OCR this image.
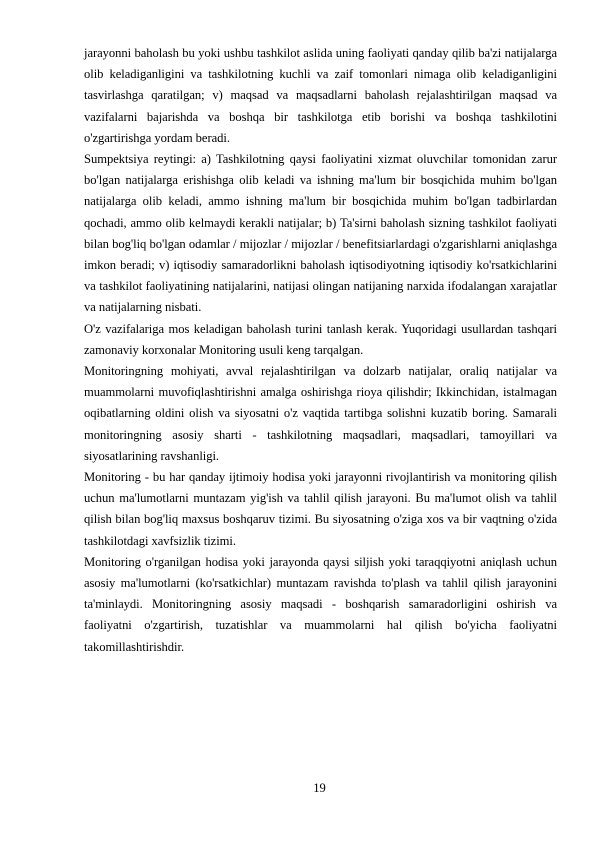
jarayonni baholash bu yoki ushbu tashkilot aslida uning faoliyati qanday qilib ba'zi natijalarga olib keladiganligini va tashkilotning kuchli va zaif tomonlari nimaga olib keladiganligini tasvirlashga qaratilgan; v) maqsad va maqsadlarni baholash rejalashtirilgan maqsad va vazifalarni bajarishda va boshqa bir tashkilotga etib borishi va boshqa tashkilotini o'zgartirishga yordam beradi.

Sumpektsiya reytingi: a) Tashkilotning qaysi faoliyatini xizmat oluvchilar tomonidan zarur bo'lgan natijalarga erishishga olib keladi va ishning ma'lum bir bosqichida muhim bo'lgan natijalarga olib keladi, ammo ishning ma'lum bir bosqichida muhim bo'lgan tadbirlardan qochadi, ammo olib kelmaydi kerakli natijalar; b) Ta'sirni baholash sizning tashkilot faoliyati bilan bog'liq bo'lgan odamlar / mijozlar / mijozlar / benefitsiarlardagi o'zgarishlarni aniqlashga imkon beradi; v) iqtisodiy samaradorlikni baholash iqtisodiyotning iqtisodiy ko'rsatkichlarini va tashkilot faoliyatining natijalarini, natijasi olingan natijaning narxida ifodalangan xarajatlar va natijalarning nisbati.

O'z vazifalariga mos keladigan baholash turini tanlash kerak. Yuqoridagi usullardan tashqari zamonaviy korxonalar Monitoring usuli keng tarqalgan.

Monitoringning mohiyati, avval rejalashtirilgan va dolzarb natijalar, oraliq natijalar va muammolarni muvofiqlashtirishni amalga oshirishga rioya qilishdir; Ikkinchidan, istalmagan oqibatlarning oldini olish va siyosatni o'z vaqtida tartibga solishni kuzatib boring. Samarali monitoringning asosiy sharti - tashkilotning maqsadlari, maqsadlari, tamoyillari va siyosatlarining ravshanligi.

Monitoring - bu har qanday ijtimoiy hodisa yoki jarayonni rivojlantirish va monitoring qilish uchun ma'lumotlarni muntazam yig'ish va tahlil qilish jarayoni. Bu ma'lumot olish va tahlil qilish bilan bog'liq maxsus boshqaruv tizimi. Bu siyosatning o'ziga xos va bir vaqtning o'zida tashkilotdagi xavfsizlik tizimi.

Monitoring o'rganilgan hodisa yoki jarayonda qaysi siljish yoki taraqqiyotni aniqlash uchun asosiy ma'lumotlarni (ko'rsatkichlar) muntazam ravishda to'plash va tahlil qilish jarayonini ta'minlaydi. Monitoringning asosiy maqsadi - boshqarish samaradorligini oshirish va faoliyatni o'zgartirish, tuzatishlar va muammolarni hal qilish bo'yicha faoliyatni takomillashtirishdir.

19
